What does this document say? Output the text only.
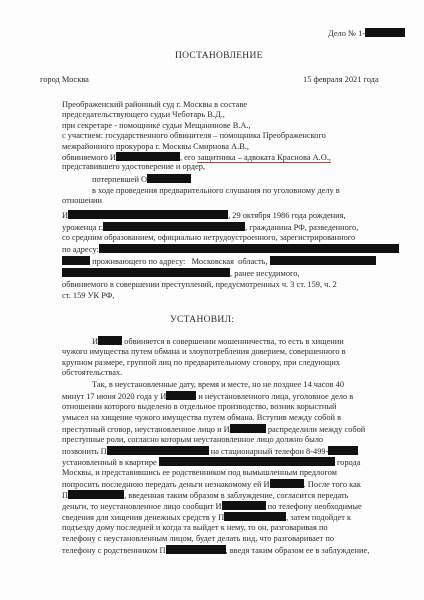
Дело № 1-
ПОСТАНОВЛЕНИЕ
город Москва	15 февраля 2021 года
Преображенский районный суд г. Москвы в составе
председательствующего судьи Чеботарь В.Д.,
при секретаре - помощнике судьи Мещанинове В.А.,
с участием: государственного обвинителя – помощника Преображенского
межрайонного прокурора г. Москвы Смирнова А.В.,
обвиняемого И	, его защитника – адвоката Краснова А.О.,
представившего удостоверение и ордер,
потерпевшей О
в ходе проведения предварительного слушания по уголовному делу в
отношении
И	, 29 октября 1986 года рождения,
уроженца г.	, гражданина РФ, разведенного,
со средним образованием, официально нетрудоустроенного, зарегистрированного
по адресу:
проживающего по адресу: Московская область,
, ранее несудимого,
обвиняемого в совершении преступлений, предусмотренных ч. 3 ст. 159, ч. 2
ст. 159 УК РФ,
УСТАНОВИЛ:
И	обвиняется в совершении мошенничества, то есть в хищении
чужого имущества путем обмана и злоупотребления доверием, совершенного в
крупном размере, группой лиц по предварительному сговору, при следующих
обстоятельствах.
Так, в неустановленные дату, время и месте, но не позднее 14 часов 40
минут 17 июня 2020 года у И	и неустановленного лица, уголовное дело в
отношении которого выделено в отдельное производство, возник корыстный
умысел на хищение чужого имущества путем обмана. Вступив между собой в
преступный сговор, неустановленное лицо и И	распределили между собой
преступные роли, согласно которым неустановленное лицо должно было
позвонить П	на стационарный телефон 8-499-
установленный в квартире	города
Москвы, и представившись ее родственником под вымышленным предлогом
попросить последнюю передать деньги незнакомому ей И	. После того как
П	, введенная таким образом в заблуждение, согласится передать
деньги, то неустановленное лицо сообщит И	по телефону необходимые
сведения для хищения денежных средств у П	, затем подойдет к
подъезду дому последней и когда та выйдет к нему, то он, разговаривая по
телефону с неустановленным лицом, будет делать вид, что разговаривает по
телефону с родственником П	, введя таким образом ее в заблуждение,
